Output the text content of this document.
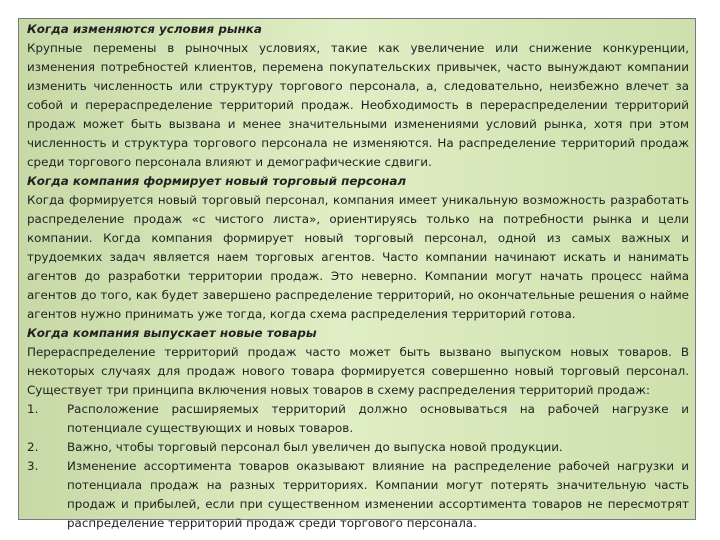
Когда изменяются условия рынка
Крупные перемены в рыночных условиях, такие как увеличение или снижение конкуренции, изменения потребностей клиентов, перемена покупательских привычек, часто вынуждают компании изменить численность или структуру торгового персонала, а, следовательно, неизбежно влечет за собой и перераспределение территорий продаж. Необходимость в перераспределении территорий продаж может быть вызвана и менее значительными изменениями условий рынка, хотя при этом численность и структура торгового персонала не изменяются. На распределение территорий продаж среди торгового персонала влияют и демографические сдвиги.
Когда компания формирует новый торговый персонал
Когда формируется новый торговый персонал, компания имеет уникальную возможность разработать распределение продаж «с чистого листа», ориентируясь только на потребности рынка и цели компании. Когда компания формирует новый торговый персонал, одной из самых важных и трудоемких задач является наем торговых агентов. Часто компании начинают искать и нанимать агентов до разработки территории продаж. Это неверно. Компании могут начать процесс найма агентов до того, как будет завершено распределение территорий, но окончательные решения о найме агентов нужно принимать уже тогда, когда схема распределения территорий готова.
Когда компания выпускает новые товары
Перераспределение территорий продаж часто может быть вызвано выпуском новых товаров. В некоторых случаях для продаж нового товара формируется совершенно новый торговый персонал. Существует три принципа включения новых товаров в схему распределения территорий продаж:
1.	Расположение расширяемых территорий должно основываться на рабочей нагрузке и потенциале существующих и новых товаров.
2.	Важно, чтобы торговый персонал был увеличен до выпуска новой продукции.
3.	Изменение ассортимента товаров оказывают влияние на распределение рабочей нагрузки и потенциала продаж на разных территориях. Компании могут потерять значительную часть продаж и прибылей, если при существенном изменении ассортимента товаров не пересмотрят распределение территорий продаж среди торгового персонала.
